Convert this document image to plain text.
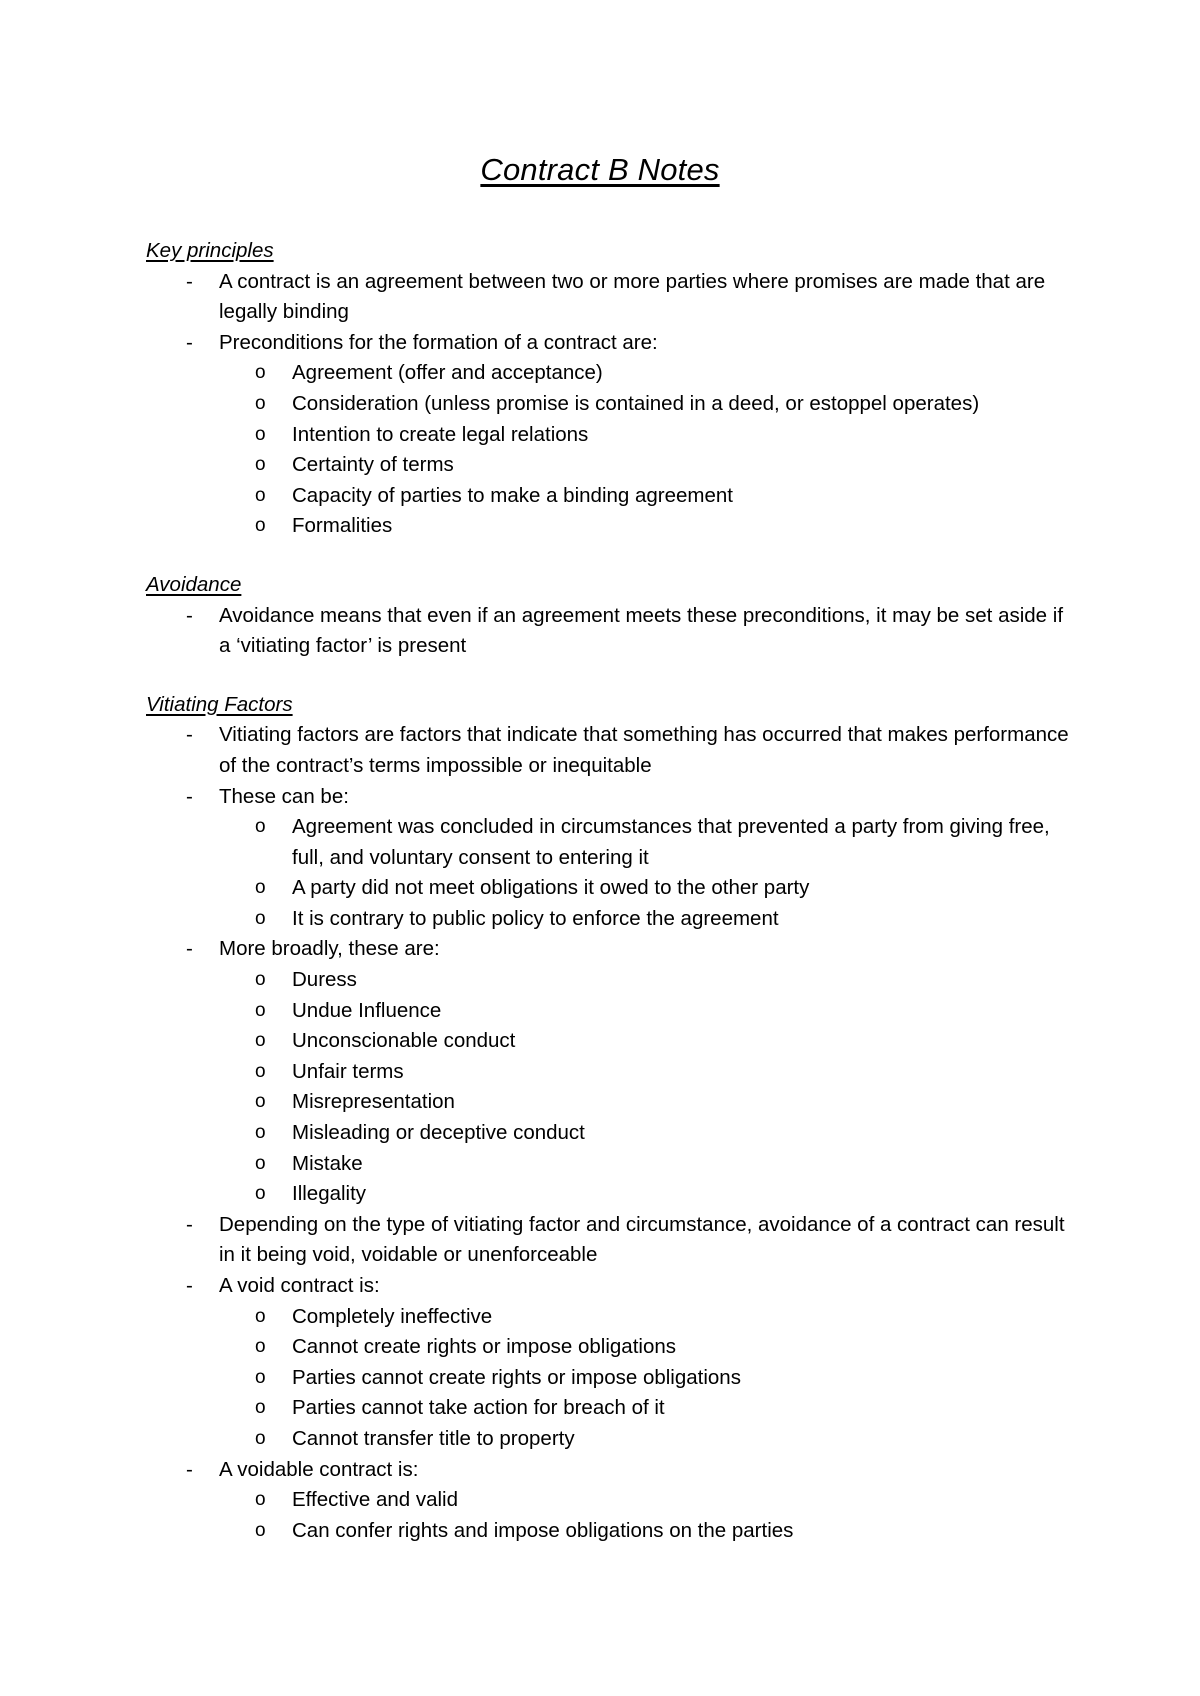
Contract B Notes
Key principles
- A contract is an agreement between two or more parties where promises are made that are legally binding
- Preconditions for the formation of a contract are:
o Agreement (offer and acceptance)
o Consideration (unless promise is contained in a deed, or estoppel operates)
o Intention to create legal relations
o Certainty of terms
o Capacity of parties to make a binding agreement
o Formalities
Avoidance
- Avoidance means that even if an agreement meets these preconditions, it may be set aside if a ‘vitiating factor’ is present
Vitiating Factors
- Vitiating factors are factors that indicate that something has occurred that makes performance of the contract’s terms impossible or inequitable
- These can be:
o Agreement was concluded in circumstances that prevented a party from giving free, full, and voluntary consent to entering it
o A party did not meet obligations it owed to the other party
o It is contrary to public policy to enforce the agreement
- More broadly, these are:
o Duress
o Undue Influence
o Unconscionable conduct
o Unfair terms
o Misrepresentation
o Misleading or deceptive conduct
o Mistake
o Illegality
- Depending on the type of vitiating factor and circumstance, avoidance of a contract can result in it being void, voidable or unenforceable
- A void contract is:
o Completely ineffective
o Cannot create rights or impose obligations
o Parties cannot create rights or impose obligations
o Parties cannot take action for breach of it
o Cannot transfer title to property
- A voidable contract is:
o Effective and valid
o Can confer rights and impose obligations on the parties
